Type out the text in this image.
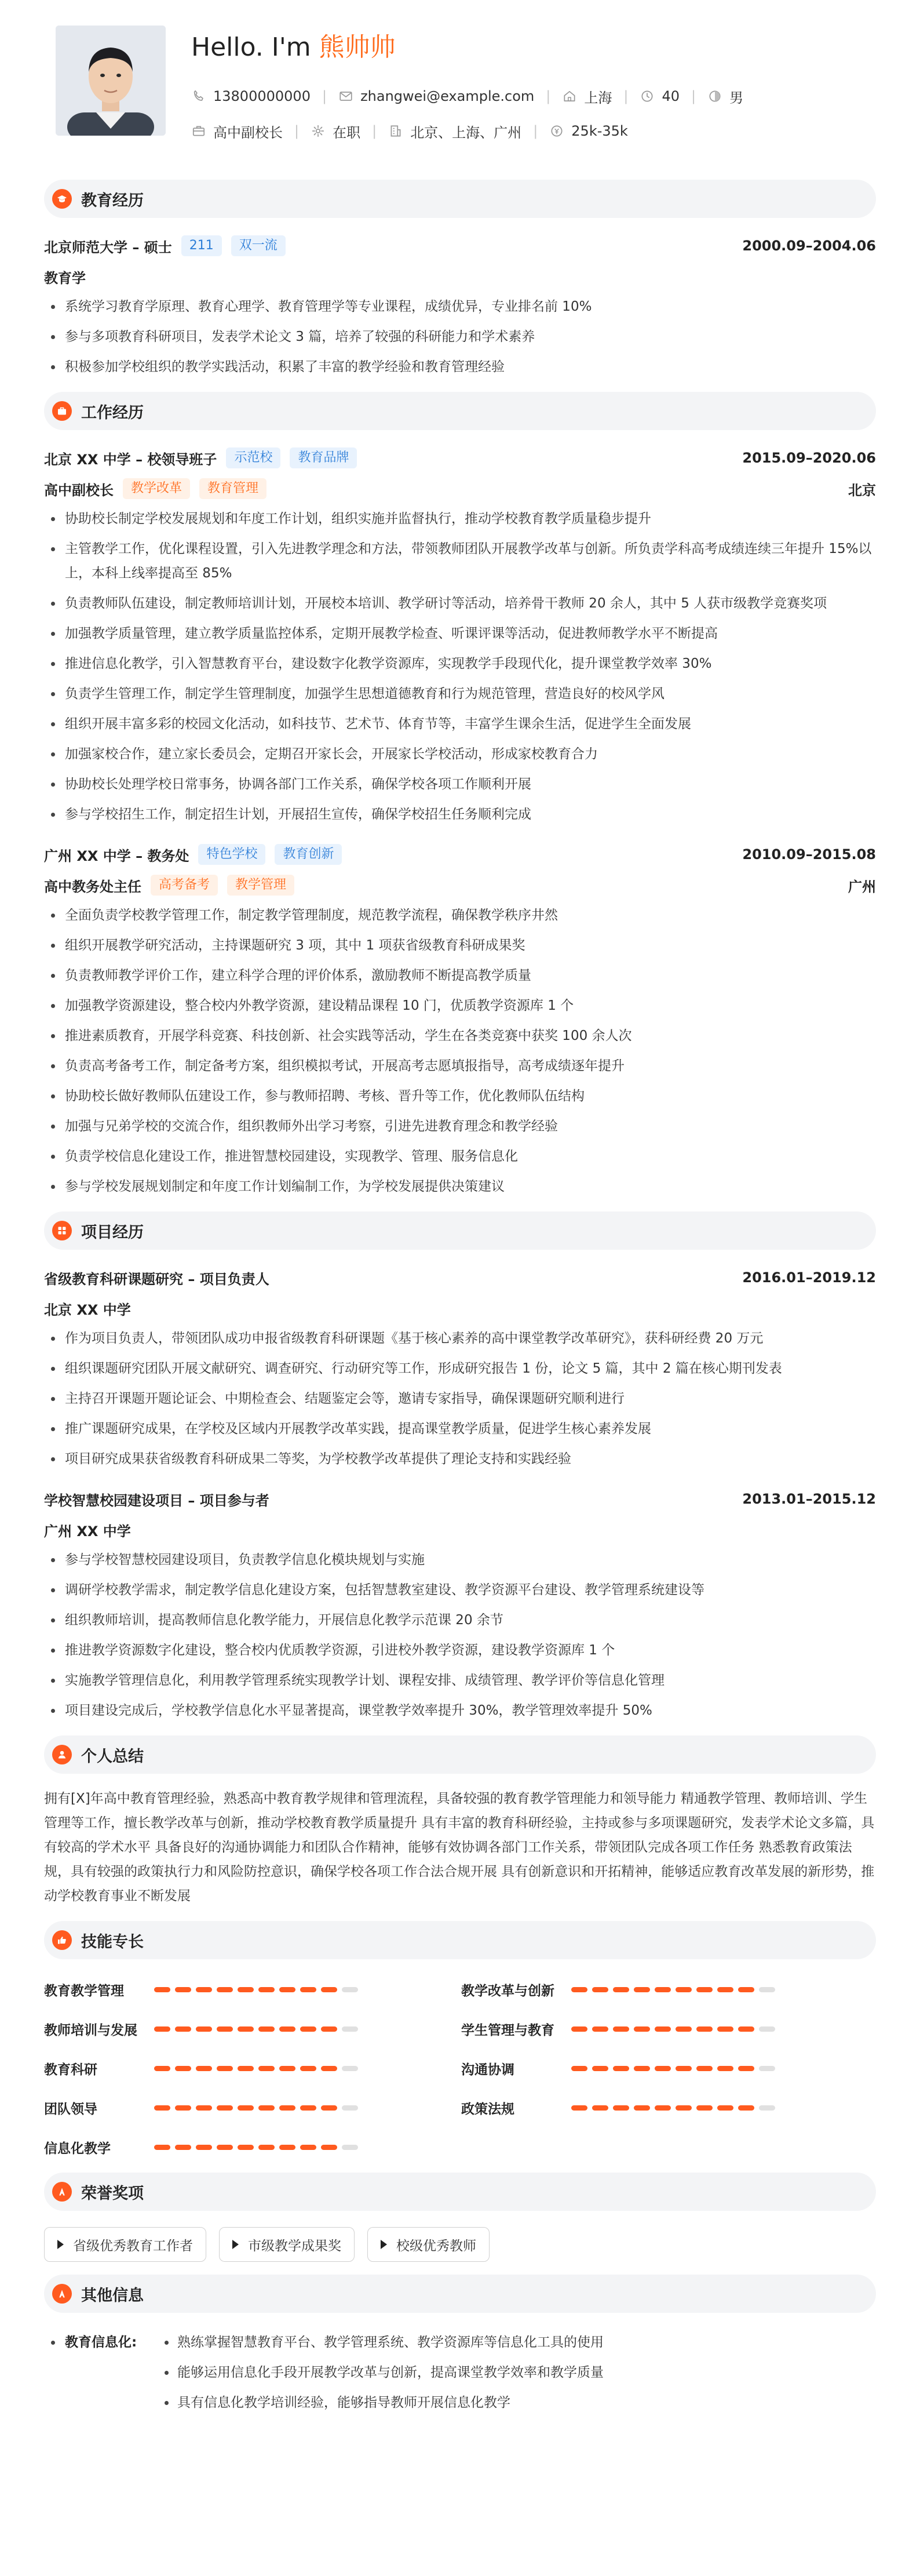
Hello. I'm 熊帅帅
13800000000 | zhangwei@example.com | 上海 | 40 | 男
高中副校长 | 在职 | 北京、上海、广州 | 25k-35k
教育经历
北京师范大学 – 硕士	211	双一流	2000.09–2004.06
教育学
系统学习教育学原理、教育心理学、教育管理学等专业课程，成绩优异，专业排名前 10%
参与多项教育科研项目，发表学术论文 3 篇，培养了较强的科研能力和学术素养
积极参加学校组织的教学实践活动，积累了丰富的教学经验和教育管理经验
工作经历
北京 XX 中学 – 校领导班子	示范校	教育品牌	2015.09–2020.06
高中副校长	教学改革	教育管理	北京
协助校长制定学校发展规划和年度工作计划，组织实施并监督执行，推动学校教育教学质量稳步提升
主管教学工作，优化课程设置，引入先进教学理念和方法，带领教师团队开展教学改革与创新。所负责学科高考成绩连续三年提升 15%以上，本科上线率提高至 85%
负责教师队伍建设，制定教师培训计划，开展校本培训、教学研讨等活动，培养骨干教师 20 余人，其中 5 人获市级教学竞赛奖项
加强教学质量管理，建立教学质量监控体系，定期开展教学检查、听课评课等活动，促进教师教学水平不断提高
推进信息化教学，引入智慧教育平台，建设数字化教学资源库，实现教学手段现代化，提升课堂教学效率 30%
负责学生管理工作，制定学生管理制度，加强学生思想道德教育和行为规范管理，营造良好的校风学风
组织开展丰富多彩的校园文化活动，如科技节、艺术节、体育节等，丰富学生课余生活，促进学生全面发展
加强家校合作，建立家长委员会，定期召开家长会，开展家长学校活动，形成家校教育合力
协助校长处理学校日常事务，协调各部门工作关系，确保学校各项工作顺利开展
参与学校招生工作，制定招生计划，开展招生宣传，确保学校招生任务顺利完成
广州 XX 中学 – 教务处	特色学校	教育创新	2010.09–2015.08
高中教务处主任	高考备考	教学管理	广州
全面负责学校教学管理工作，制定教学管理制度，规范教学流程，确保教学秩序井然
组织开展教学研究活动，主持课题研究 3 项，其中 1 项获省级教育科研成果奖
负责教师教学评价工作，建立科学合理的评价体系，激励教师不断提高教学质量
加强教学资源建设，整合校内外教学资源，建设精品课程 10 门，优质教学资源库 1 个
推进素质教育，开展学科竞赛、科技创新、社会实践等活动，学生在各类竞赛中获奖 100 余人次
负责高考备考工作，制定备考方案，组织模拟考试，开展高考志愿填报指导，高考成绩逐年提升
协助校长做好教师队伍建设工作，参与教师招聘、考核、晋升等工作，优化教师队伍结构
加强与兄弟学校的交流合作，组织教师外出学习考察，引进先进教育理念和教学经验
负责学校信息化建设工作，推进智慧校园建设，实现教学、管理、服务信息化
参与学校发展规划制定和年度工作计划编制工作，为学校发展提供决策建议
项目经历
省级教育科研课题研究 – 项目负责人	2016.01–2019.12
北京 XX 中学
作为项目负责人，带领团队成功申报省级教育科研课题《基于核心素养的高中课堂教学改革研究》，获科研经费 20 万元
组织课题研究团队开展文献研究、调查研究、行动研究等工作，形成研究报告 1 份，论文 5 篇，其中 2 篇在核心期刊发表
主持召开课题开题论证会、中期检查会、结题鉴定会等，邀请专家指导，确保课题研究顺利进行
推广课题研究成果，在学校及区域内开展教学改革实践，提高课堂教学质量，促进学生核心素养发展
项目研究成果获省级教育科研成果二等奖，为学校教学改革提供了理论支持和实践经验
学校智慧校园建设项目 – 项目参与者	2013.01–2015.12
广州 XX 中学
参与学校智慧校园建设项目，负责教学信息化模块规划与实施
调研学校教学需求，制定教学信息化建设方案，包括智慧教室建设、教学资源平台建设、教学管理系统建设等
组织教师培训，提高教师信息化教学能力，开展信息化教学示范课 20 余节
推进教学资源数字化建设，整合校内优质教学资源，引进校外教学资源，建设教学资源库 1 个
实施教学管理信息化，利用教学管理系统实现教学计划、课程安排、成绩管理、教学评价等信息化管理
项目建设完成后，学校教学信息化水平显著提高，课堂教学效率提升 30%，教学管理效率提升 50%
个人总结

拥有[X]年高中教育管理经验，熟悉高中教育教学规律和管理流程，具备较强的教育教学管理能力和领导能力 精通教学管理、教师培训、学生管理等工作，擅长教学改革与创新，推动学校教育教学质量提升 具有丰富的教育科研经验，主持或参与多项课题研究，发表学术论文多篇，具有较高的学术水平 具备良好的沟通协调能力和团队合作精神，能够有效协调各部门工作关系，带领团队完成各项工作任务 熟悉教育政策法规，具有较强的政策执行力和风险防控意识，确保学校各项工作合法合规开展 具有创新意识和开拓精神，能够适应教育改革发展的新形势，推动学校教育事业不断发展

技能专长
教育教学管理	教学改革与创新
教师培训与发展	学生管理与教育
教育科研	沟通协调
团队领导	政策法规
信息化教学
荣誉奖项
省级优秀教育工作者	市级教学成果奖	校级优秀教师
其他信息
教育信息化:	熟练掌握智慧教育平台、教学管理系统、教学资源库等信息化工具的使用
能够运用信息化手段开展教学改革与创新，提高课堂教学效率和教学质量
具有信息化教学培训经验，能够指导教师开展信息化教学
